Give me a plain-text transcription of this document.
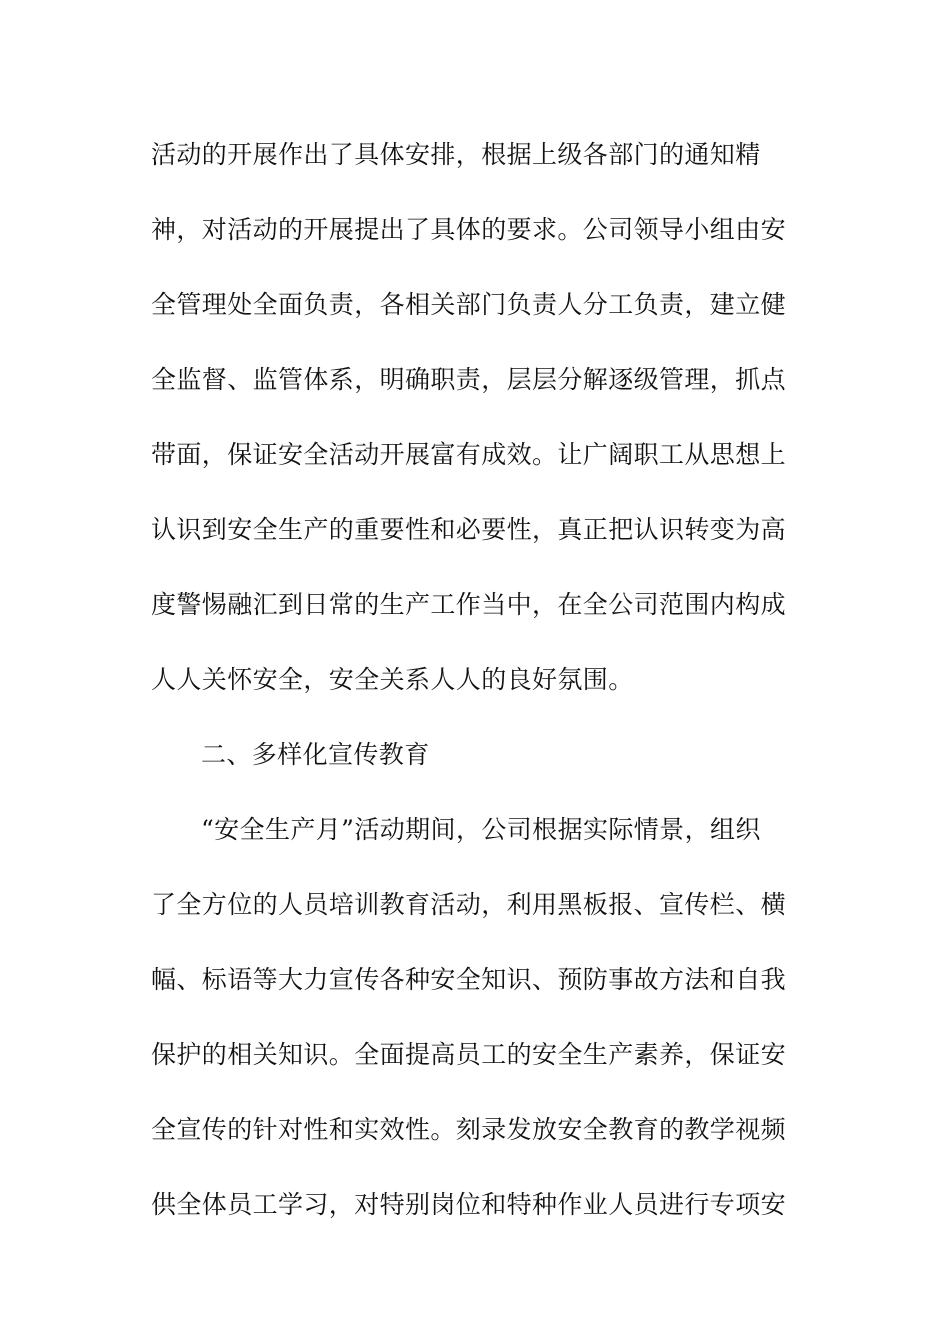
活动的开展作出了具体安排，根据上级各部门的通知精
神，对活动的开展提出了具体的要求。公司领导小组由安
全管理处全面负责，各相关部门负责人分工负责，建立健
全监督、监管体系，明确职责，层层分解逐级管理，抓点
带面，保证安全活动开展富有成效。让广阔职工从思想上
认识到安全生产的重要性和必要性，真正把认识转变为高
度警惕融汇到日常的生产工作当中，在全公司范围内构成
人人关怀安全，安全关系人人的良好氛围。
二、多样化宣传教育
“安全生产月”活动期间，公司根据实际情景，组织
了全方位的人员培训教育活动，利用黑板报、宣传栏、横
幅、标语等大力宣传各种安全知识、预防事故方法和自我
保护的相关知识。全面提高员工的安全生产素养，保证安
全宣传的针对性和实效性。刻录发放安全教育的教学视频
供全体员工学习，对特别岗位和特种作业人员进行专项安
